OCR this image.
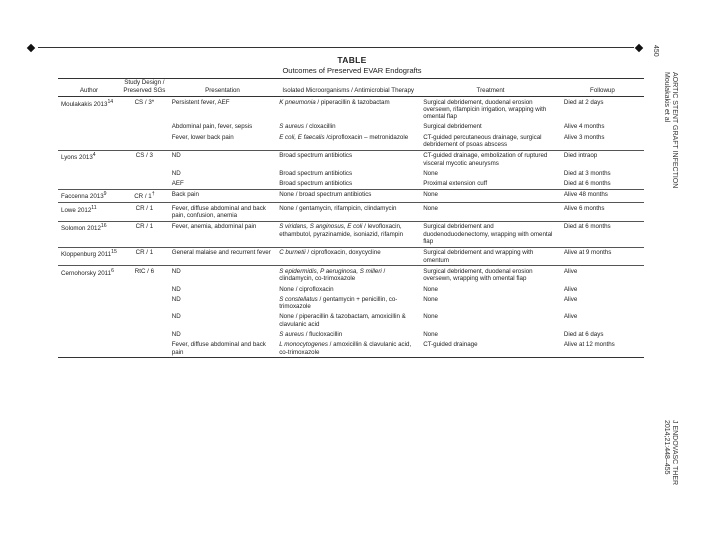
TABLE
Outcomes of Preserved EVAR Endografts
Author	Study Design / Preserved SGs	Presentation	Isolated Microorganisms / Antimicrobial Therapy	Treatment	Followup
Moulakakis 2013$^{14}$	CS / 3*	Persistent fever, AEF	K pneumonia / piperacillin & tazobactam	Surgical debridement, duodenal erosion oversewn, rifampicin irrigation, wrapping with omental flap	Died at 2 days
		Abdominal pain, fever, sepsis	S aureus / cloxacillin	Surgical debridement	Alive 4 months
		Fever, lower back pain	E coli, E faecalis /ciprofloxacin – metronidazole	CT-guided percutaneous drainage, surgical debridement of psoas abscess	Alive 3 months
Lyons 2013$^4$	CS / 3	ND	Broad spectrum antibiotics	CT-guided drainage, embolization of ruptured visceral mycotic aneurysms	Died intraop
		ND	Broad spectrum antibiotics	None	Died at 3 months
		AEF	Broad spectrum antibiotics	Proximal extension cuff	Died at 6 months
Faccenna 2013$^9$	CR / 1†	Back pain	None / broad spectrum antibiotics	None	Alive 48 months
Lowe 2012$^{11}$	CR / 1	Fever, diffuse abdominal and back pain, confusion, anemia	None / gentamycin, rifampicin, clindamycin	None	Alive 6 months
Solomon 2012$^{16}$	CR / 1	Fever, anemia, abdominal pain	S viridans, S anginosus, E coli / levofloxacin, ethambutol, pyrazinamide, isoniazid, rifampin	Surgical debridement and duodenoduodenectomy, wrapping with omental flap	Died at 6 months
Kloppenburg 2011$^{15}$	CR / 1	General malaise and recurrent fever	C burnetii / ciprofloxacin, doxycycline	Surgical debridement and wrapping with omentum	Alive at 9 months
Cernohorsky 2011$^6$	RtC / 6	ND	S epidermidis, P aeruginosa, S milleri / clindamycin, co-trimoxazole	Surgical debridement, duodenal erosion oversewn, wrapping with omental flap	Alive
		ND	None / ciprofloxacin	None	Alive
		ND	S constellatus / gentamycin + penicillin, co-trimoxazole	None	Alive
		ND	None / piperacillin & tazobactam, amoxicillin & clavulanic acid	None	Alive
		ND	S aureus / flucloxacillin	None	Died at 6 days
		Fever, diffuse abdominal and back pain	L monocytogenes / amoxicillin & clavulanic acid, co-trimoxazole	CT-guided drainage	Alive at 12 months
450
AORTIC STENT GRAFT INFECTION
Moulakakis et al
J ENDOVASC THER
2014;21:448–455
